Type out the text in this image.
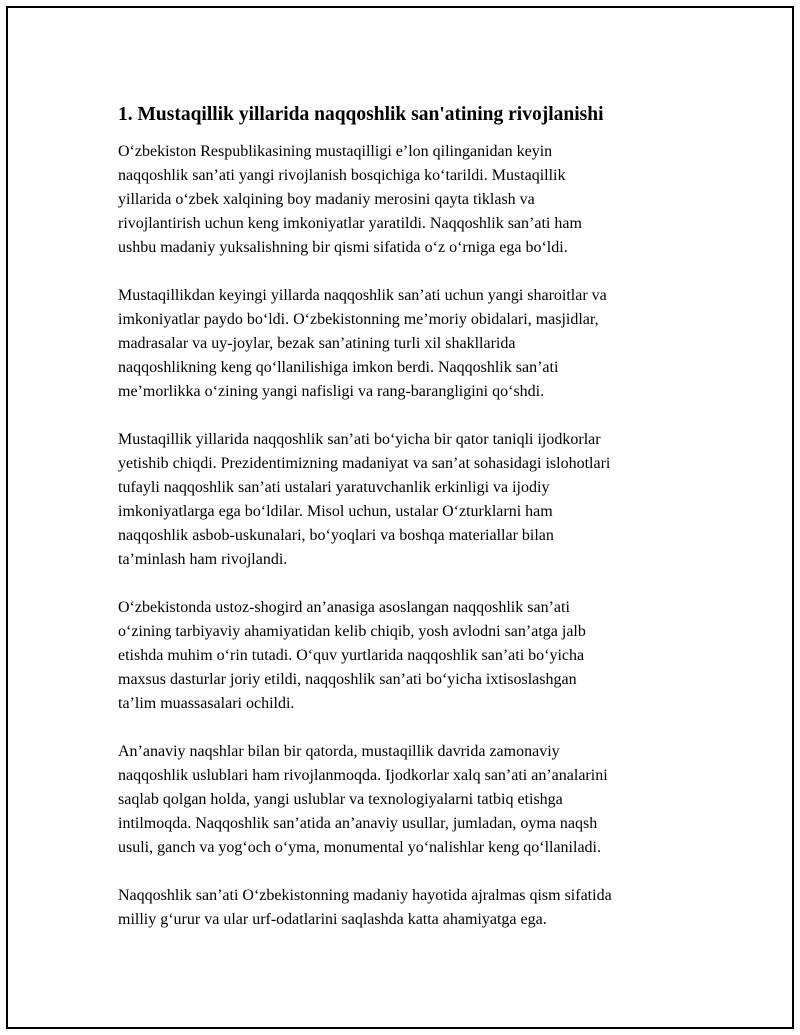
1. Mustaqillik yillarida naqqoshlik san'atining rivojlanishi

O‘zbekiston Respublikasining mustaqilligi e’lon qilinganidan keyin
naqqoshlik san’ati yangi rivojlanish bosqichiga ko‘tarildi. Mustaqillik
yillarida o‘zbek xalqining boy madaniy merosini qayta tiklash va
rivojlantirish uchun keng imkoniyatlar yaratildi. Naqqoshlik san’ati ham
ushbu madaniy yuksalishning bir qismi sifatida o‘z o‘rniga ega bo‘ldi.

Mustaqillikdan keyingi yillarda naqqoshlik san’ati uchun yangi sharoitlar va
imkoniyatlar paydo bo‘ldi. O‘zbekistonning me’moriy obidalari, masjidlar,
madrasalar va uy-joylar, bezak san’atining turli xil shakllarida
naqqoshlikning keng qo‘llanilishiga imkon berdi. Naqqoshlik san’ati
me’morlikka o‘zining yangi nafisligi va rang-barangligini qo‘shdi.

Mustaqillik yillarida naqqoshlik san’ati bo‘yicha bir qator taniqli ijodkorlar
yetishib chiqdi. Prezidentimizning madaniyat va san’at sohasidagi islohotlari
tufayli naqqoshlik san’ati ustalari yaratuvchanlik erkinligi va ijodiy
imkoniyatlarga ega bo‘ldilar. Misol uchun, ustalar O‘zturklarni ham
naqqoshlik asbob-uskunalari, bo‘yoqlari va boshqa materiallar bilan
ta’minlash ham rivojlandi.

O‘zbekistonda ustoz-shogird an’anasiga asoslangan naqqoshlik san’ati
o‘zining tarbiyaviy ahamiyatidan kelib chiqib, yosh avlodni san’atga jalb
etishda muhim o‘rin tutadi. O‘quv yurtlarida naqqoshlik san’ati bo‘yicha
maxsus dasturlar joriy etildi, naqqoshlik san’ati bo‘yicha ixtisoslashgan
ta’lim muassasalari ochildi.

An’anaviy naqshlar bilan bir qatorda, mustaqillik davrida zamonaviy
naqqoshlik uslublari ham rivojlanmoqda. Ijodkorlar xalq san’ati an’analarini
saqlab qolgan holda, yangi uslublar va texnologiyalarni tatbiq etishga
intilmoqda. Naqqoshlik san’atida an’anaviy usullar, jumladan, oyma naqsh
usuli, ganch va yog‘och o‘yma, monumental yo‘nalishlar keng qo‘llaniladi.

Naqqoshlik san’ati O‘zbekistonning madaniy hayotida ajralmas qism sifatida
milliy g‘urur va ular urf-odatlarini saqlashda katta ahamiyatga ega.
